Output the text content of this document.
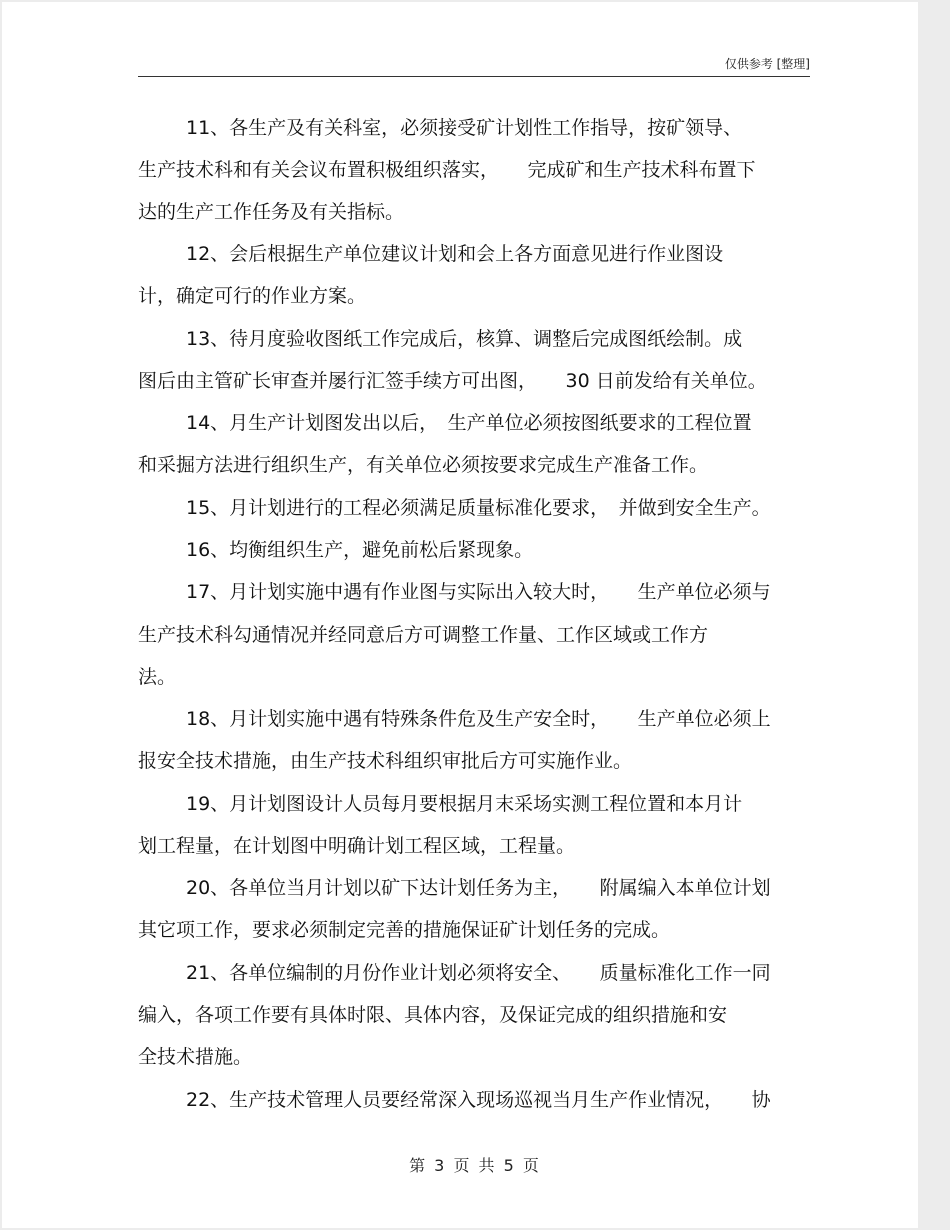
仅供参考 [整理]
11、各生产及有关科室，必须接受矿计划性工作指导，按矿领导、
生产技术科和有关会议布置积极组织落实，　　完成矿和生产技术科布置下
达的生产工作任务及有关指标。
12、会后根据生产单位建议计划和会上各方面意见进行作业图设
计，确定可行的作业方案。
13、待月度验收图纸工作完成后，核算、调整后完成图纸绘制。成
图后由主管矿长审查并屡行汇签手续方可出图，　　30 日前发给有关单位。
14、月生产计划图发出以后，　生产单位必须按图纸要求的工程位置
和采掘方法进行组织生产，有关单位必须按要求完成生产准备工作。
15、月计划进行的工程必须满足质量标准化要求，　并做到安全生产。
16、均衡组织生产，避免前松后紧现象。
17、月计划实施中遇有作业图与实际出入较大时，　　生产单位必须与
生产技术科勾通情况并经同意后方可调整工作量、工作区域或工作方
法。
18、月计划实施中遇有特殊条件危及生产安全时，　　生产单位必须上
报安全技术措施，由生产技术科组织审批后方可实施作业。
19、月计划图设计人员每月要根据月末采场实测工程位置和本月计
划工程量，在计划图中明确计划工程区域，工程量。
20、各单位当月计划以矿下达计划任务为主，　　附属编入本单位计划
其它项工作，要求必须制定完善的措施保证矿计划任务的完成。
21、各单位编制的月份作业计划必须将安全、　　质量标准化工作一同
编入，各项工作要有具体时限、具体内容，及保证完成的组织措施和安
全技术措施。
22、生产技术管理人员要经常深入现场巡视当月生产作业情况，　　协
第 3 页 共 5 页
